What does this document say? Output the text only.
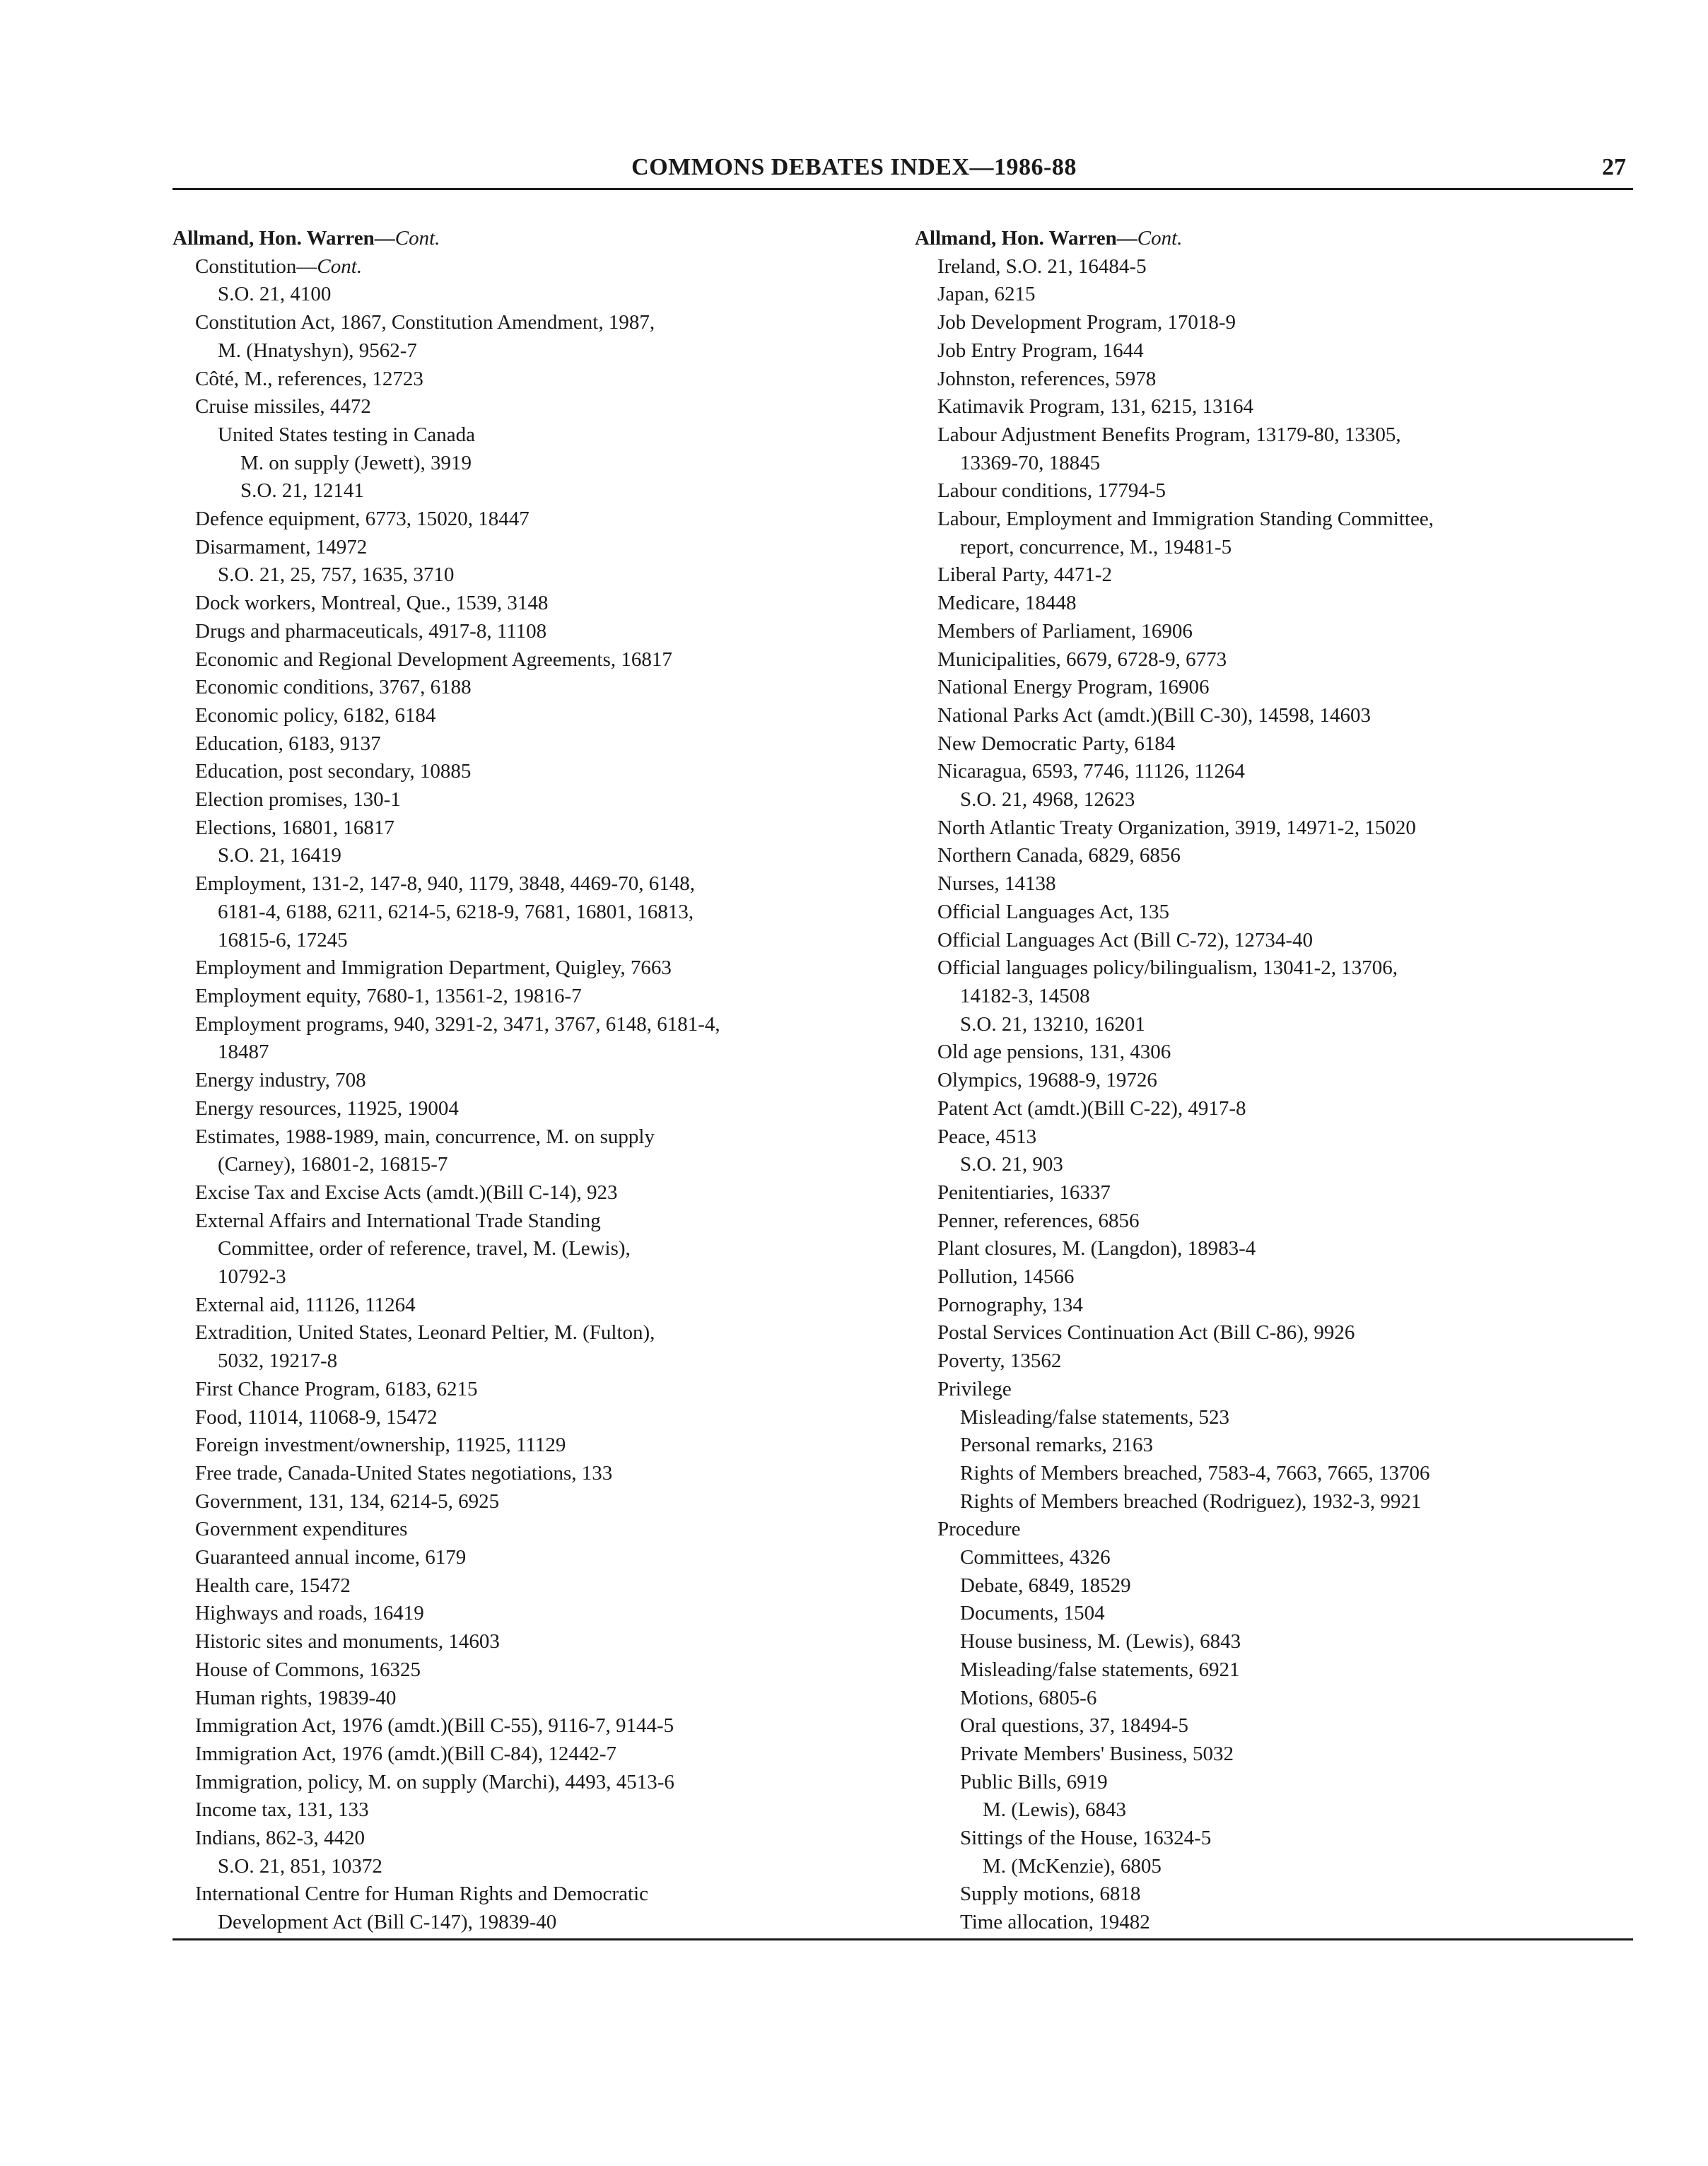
COMMONS DEBATES INDEX—1986-88	27
Allmand, Hon. Warren—Cont.
Constitution—Cont.
S.O. 21, 4100
Constitution Act, 1867, Constitution Amendment, 1987,
M. (Hnatyshyn), 9562-7
Côté, M., references, 12723
Cruise missiles, 4472
United States testing in Canada
M. on supply (Jewett), 3919
S.O. 21, 12141
Defence equipment, 6773, 15020, 18447
Disarmament, 14972
S.O. 21, 25, 757, 1635, 3710
Dock workers, Montreal, Que., 1539, 3148
Drugs and pharmaceuticals, 4917-8, 11108
Economic and Regional Development Agreements, 16817
Economic conditions, 3767, 6188
Economic policy, 6182, 6184
Education, 6183, 9137
Education, post secondary, 10885
Election promises, 130-1
Elections, 16801, 16817
S.O. 21, 16419
Employment, 131-2, 147-8, 940, 1179, 3848, 4469-70, 6148,
6181-4, 6188, 6211, 6214-5, 6218-9, 7681, 16801, 16813,
16815-6, 17245
Employment and Immigration Department, Quigley, 7663
Employment equity, 7680-1, 13561-2, 19816-7
Employment programs, 940, 3291-2, 3471, 3767, 6148, 6181-4,
18487
Energy industry, 708
Energy resources, 11925, 19004
Estimates, 1988-1989, main, concurrence, M. on supply
(Carney), 16801-2, 16815-7
Excise Tax and Excise Acts (amdt.)(Bill C-14), 923
External Affairs and International Trade Standing
Committee, order of reference, travel, M. (Lewis),
10792-3
External aid, 11126, 11264
Extradition, United States, Leonard Peltier, M. (Fulton),
5032, 19217-8
First Chance Program, 6183, 6215
Food, 11014, 11068-9, 15472
Foreign investment/ownership, 11925, 11129
Free trade, Canada-United States negotiations, 133
Government, 131, 134, 6214-5, 6925
Government expenditures
Guaranteed annual income, 6179
Health care, 15472
Highways and roads, 16419
Historic sites and monuments, 14603
House of Commons, 16325
Human rights, 19839-40
Immigration Act, 1976 (amdt.)(Bill C-55), 9116-7, 9144-5
Immigration Act, 1976 (amdt.)(Bill C-84), 12442-7
Immigration, policy, M. on supply (Marchi), 4493, 4513-6
Income tax, 131, 133
Indians, 862-3, 4420
S.O. 21, 851, 10372
International Centre for Human Rights and Democratic
Development Act (Bill C-147), 19839-40
Allmand, Hon. Warren—Cont.
Ireland, S.O. 21, 16484-5
Japan, 6215
Job Development Program, 17018-9
Job Entry Program, 1644
Johnston, references, 5978
Katimavik Program, 131, 6215, 13164
Labour Adjustment Benefits Program, 13179-80, 13305,
13369-70, 18845
Labour conditions, 17794-5
Labour, Employment and Immigration Standing Committee,
report, concurrence, M., 19481-5
Liberal Party, 4471-2
Medicare, 18448
Members of Parliament, 16906
Municipalities, 6679, 6728-9, 6773
National Energy Program, 16906
National Parks Act (amdt.)(Bill C-30), 14598, 14603
New Democratic Party, 6184
Nicaragua, 6593, 7746, 11126, 11264
S.O. 21, 4968, 12623
North Atlantic Treaty Organization, 3919, 14971-2, 15020
Northern Canada, 6829, 6856
Nurses, 14138
Official Languages Act, 135
Official Languages Act (Bill C-72), 12734-40
Official languages policy/bilingualism, 13041-2, 13706,
14182-3, 14508
S.O. 21, 13210, 16201
Old age pensions, 131, 4306
Olympics, 19688-9, 19726
Patent Act (amdt.)(Bill C-22), 4917-8
Peace, 4513
S.O. 21, 903
Penitentiaries, 16337
Penner, references, 6856
Plant closures, M. (Langdon), 18983-4
Pollution, 14566
Pornography, 134
Postal Services Continuation Act (Bill C-86), 9926
Poverty, 13562
Privilege
Misleading/false statements, 523
Personal remarks, 2163
Rights of Members breached, 7583-4, 7663, 7665, 13706
Rights of Members breached (Rodriguez), 1932-3, 9921
Procedure
Committees, 4326
Debate, 6849, 18529
Documents, 1504
House business, M. (Lewis), 6843
Misleading/false statements, 6921
Motions, 6805-6
Oral questions, 37, 18494-5
Private Members' Business, 5032
Public Bills, 6919
M. (Lewis), 6843
Sittings of the House, 16324-5
M. (McKenzie), 6805
Supply motions, 6818
Time allocation, 19482
